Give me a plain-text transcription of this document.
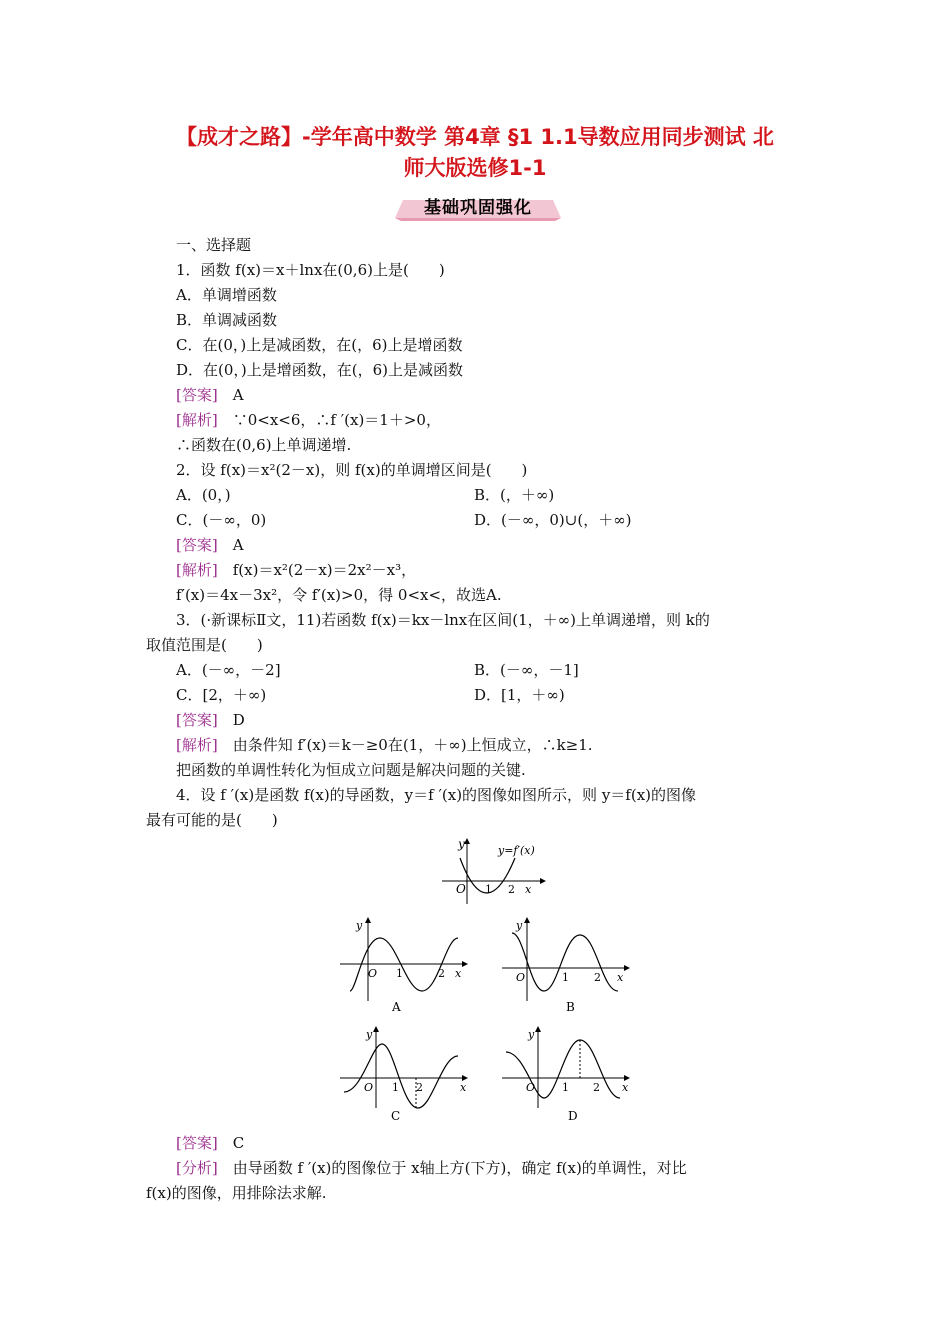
【成才之路】-学年高中数学 第4章 §1 1.1导数应用同步测试 北
师大版选修1-1
基础巩固强化
一、选择题
1．函数 f(x)＝x＋lnx在(0,6)上是(　　)
A．单调增函数
B．单调减函数
C．在(0，)上是减函数，在(，6)上是增函数
D．在(0，)上是增函数，在(，6)上是减函数
[答案]　 A
[解析]　 ∵0<x<6，∴f ′(x)＝1＋>0，
∴函数在(0,6)上单调递增.
2．设 f(x)＝x²(2－x)，则 f(x)的单调增区间是(　　)
A．(0，)	B．(，＋∞)
C．(－∞，0)	D．(－∞，0)∪(，＋∞)
[答案]　 A
[解析]　 f(x)＝x²(2－x)＝2x²－x³，
f′(x)＝4x－3x²，令 f′(x)>0，得 0<x<，故选A.
3．(·新课标Ⅱ文，11)若函数 f(x)＝kx－lnx在区间(1，＋∞)上单调递增，则 k的
取值范围是(　　)
A．(－∞，－2]	B．(－∞，－1]
C．[2，＋∞)	D．[1，＋∞)
[答案]　 D
[解析]　 由条件知 f′(x)＝k－≥0在(1，＋∞)上恒成立，∴k≥1.
把函数的单调性转化为恒成立问题是解决问题的关键.
4．设 f ′(x)是函数 f(x)的导函数，y＝f ′(x)的图像如图所示，则 y＝f(x)的图像
最有可能的是(　　)
y	y=f′(x)
O 1 2 x
y
O 1	2 x
A
y
O	1 2 x
B
y
O 1 2	x
C
y
O 1 2 x
D
[答案]　 C
[分析]　 由导函数 f ′(x)的图像位于 x轴上方(下方)，确定 f(x)的单调性，对比
f(x)的图像，用排除法求解.
